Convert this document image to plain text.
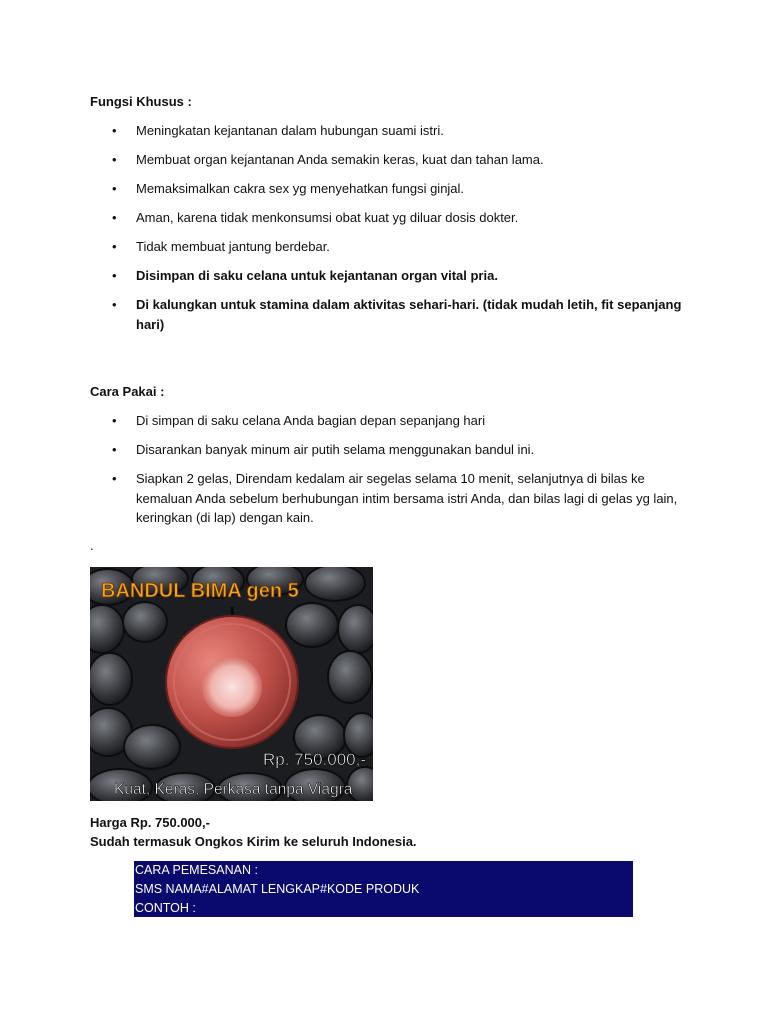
Fungsi Khusus :
• Meningkatan kejantanan dalam hubungan suami istri.
• Membuat organ kejantanan Anda semakin keras, kuat dan tahan lama.
• Memaksimalkan cakra sex yg menyehatkan fungsi ginjal.
• Aman, karena tidak menkonsumsi obat kuat yg diluar dosis dokter.
• Tidak membuat jantung berdebar.
• Disimpan di saku celana untuk kejantanan organ vital pria.
• Di kalungkan untuk stamina dalam aktivitas sehari-hari. (tidak mudah letih, fit sepanjang hari)
Cara Pakai :
• Di simpan di saku celana Anda bagian depan sepanjang hari
• Disarankan banyak minum air putih selama menggunakan bandul ini.
• Siapkan 2 gelas, Direndam kedalam air segelas selama 10 menit, selanjutnya di bilas ke kemaluan Anda sebelum berhubungan intim bersama istri Anda, dan bilas lagi di gelas yg lain, keringkan (di lap) dengan kain.
.
BANDUL BIMA gen 5
Rp. 750.000,-
Kuat, Keras, Perkasa tanpa Viagra
Harga Rp. 750.000,-
Sudah termasuk Ongkos Kirim ke seluruh Indonesia.
CARA PEMESANAN :
SMS NAMA#ALAMAT LENGKAP#KODE PRODUK
CONTOH :
